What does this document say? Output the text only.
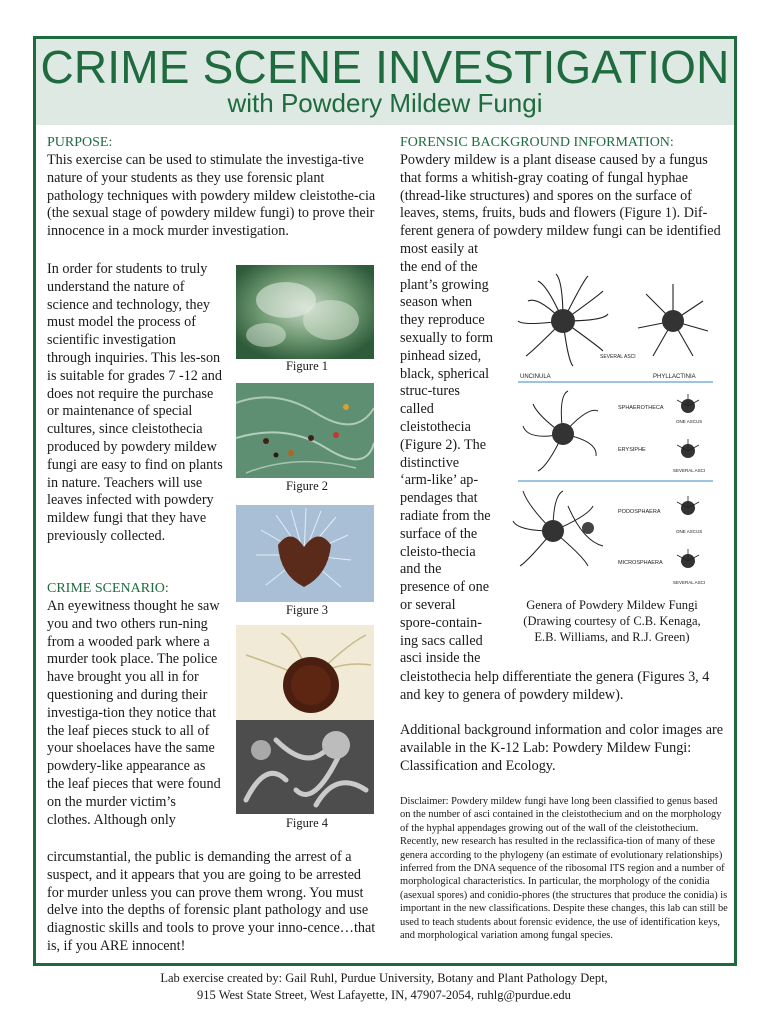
CRIME SCENE INVESTIGATION
with Powdery Mildew Fungi
PURPOSE:

This exercise can be used to stimulate the investiga-tive nature of your students as they use forensic plant pathology techniques with powdery mildew cleistothe-cia (the sexual stage of powdery mildew fungi) to prove their innocence in a mock murder investigation.

In order for students to truly understand the nature of science and technology, they must model the process of scientific investigation through inquiries. This les-son is suitable for grades 7 -12 and does not require the purchase or maintenance of special cultures, since cleistothecia produced by powdery mildew fungi are easy to find on plants in nature. Teachers will use leaves infected with powdery mildew fungi that they have previously collected.

CRIME SCENARIO:

An eyewitness thought he saw you and two others run-ning from a wooded park where a murder took place. The police have brought you all in for questioning and during their investiga-tion they notice that the leaf pieces stuck to all of your shoelaces have the same powdery-like appearance as the leaf pieces that were found on the murder victim’s clothes. Although only

circumstantial, the public is demanding the arrest of a suspect, and it appears that you are going to be arrested for murder unless you can prove them wrong. You must delve into the depths of forensic plant pathology and use diagnostic skills and tools to prove your inno-cence…that is, if you ARE innocent!

Figure 1
Figure 2
Figure 3
Figure 4
FORENSIC BACKGROUND INFORMATION:

Powdery mildew is a plant disease caused by a fungus that forms a whitish-gray coating of fungal hyphae (thread-like structures) and spores on the surface of leaves, stems, fruits, buds and flowers (Figure 1). Dif-ferent genera of powdery mildew fungi can be identified

most easily at the end of the plant’s growing season when they reproduce sexually to form pinhead sized, black, spherical struc-tures called cleistothecia (Figure 2). The distinctive ‘arm-like’ ap-pendages that radiate from the surface of the cleisto-thecia and the presence of one or several spore-contain-ing sacs called asci inside the

cleistothecia help differentiate the genera (Figures 3, 4 and key to genera of powdery mildew).

Additional background information and color images are available in the K-12 Lab: Powdery Mildew Fungi: Classification and Ecology.

Disclaimer: Powdery mildew fungi have long been classified to genus based on the number of asci contained in the cleistothecium and on the morphology of the hyphal appendages growing out of the wall of the cleistothecium. Recently, new research has resulted in the reclassifica-tion of many of these genera according to the phylogeny (an estimate of evolutionary relationships) inferred from the DNA sequence of the ribosomal ITS region and a number of morphological characteristics. In particular, the morphology of the conidia (asexual spores) and conidio-phores (the structures that produce the conidia) is important in the new classifications. Despite these changes, this lab can still be used to teach students about forensic evidence, the use of identification keys, and morphological variation among fungal species.

UNCINULA
SEVERAL ASCI
PHYLLACTINIA
SPHAEROTHECA
ERYSIPHE
ONE ASCUS
SEVERAL ASCI
PODOSPHAERA
MICROSPHAERA
ONE ASCUS
SEVERAL ASCI
Genera of Powdery Mildew Fungi (Drawing courtesy of C.B. Kenaga, E.B. Williams, and R.J. Green)
Lab exercise created by: Gail Ruhl, Purdue University, Botany and Plant Pathology Dept,
915 West State Street, West Lafayette, IN, 47907-2054, ruhlg@purdue.edu
